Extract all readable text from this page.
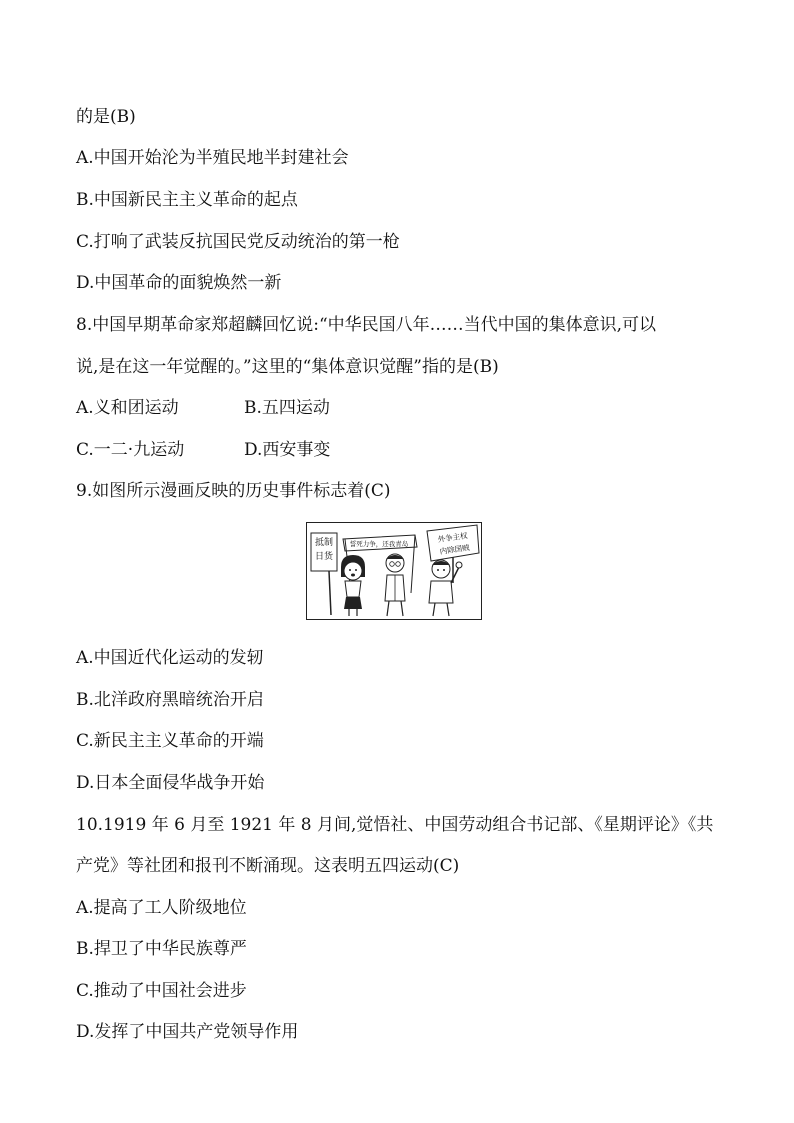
的是(B)
A.中国开始沦为半殖民地半封建社会
B.中国新民主主义革命的起点
C.打响了武装反抗国民党反动统治的第一枪
D.中国革命的面貌焕然一新
8.中国早期革命家郑超麟回忆说:“中华民国八年……当代中国的集体意识,可以
说,是在这一年觉醒的。”这里的“集体意识觉醒”指的是(B)
A.义和团运动	B.五四运动
C.一二·九运动	D.西安事变
9.如图所示漫画反映的历史事件标志着(C)
抵制
日货
誓死力争，还我青岛	外争主权
内除国贼
A.中国近代化运动的发轫
B.北洋政府黑暗统治开启
C.新民主主义革命的开端
D.日本全面侵华战争开始
10.1919 年 6 月至 1921 年 8 月间,觉悟社、中国劳动组合书记部、《星期评论》《共
产党》等社团和报刊不断涌现。这表明五四运动(C)
A.提高了工人阶级地位
B.捍卫了中华民族尊严
C.推动了中国社会进步
D.发挥了中国共产党领导作用
